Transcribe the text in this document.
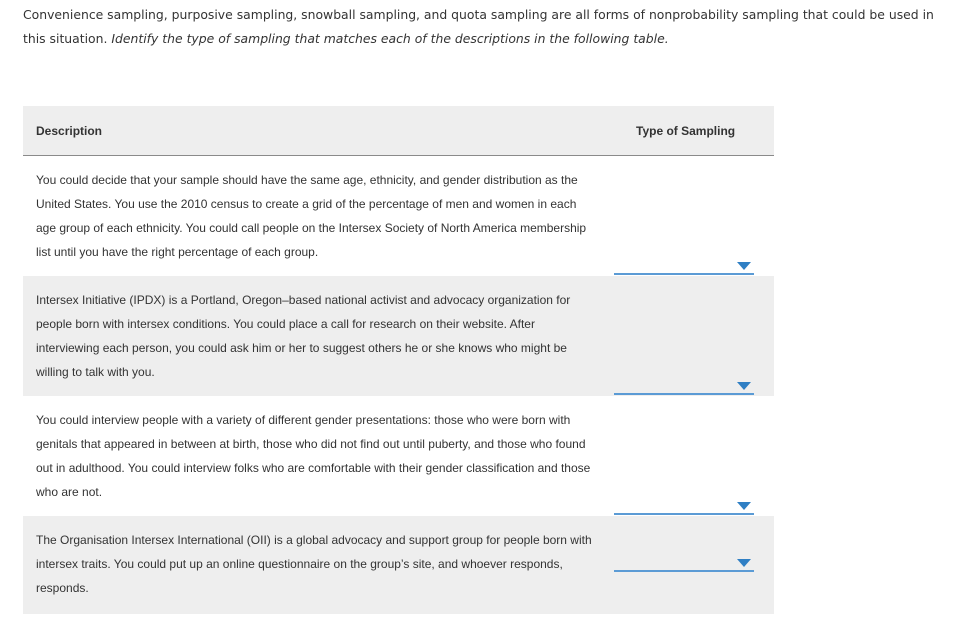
Convenience sampling, purposive sampling, snowball sampling, and quota sampling are all forms of nonprobability sampling that could be used in this situation. Identify the type of sampling that matches each of the descriptions in the following table.
Description	Type of Sampling
You could decide that your sample should have the same age, ethnicity, and gender distribution as the United States. You use the 2010 census to create a grid of the percentage of men and women in each age group of each ethnicity. You could call people on the Intersex Society of North America membership list until you have the right percentage of each group.
Intersex Initiative (IPDX) is a Portland, Oregon–based national activist and advocacy organization for people born with intersex conditions. You could place a call for research on their website. After interviewing each person, you could ask him or her to suggest others he or she knows who might be willing to talk with you.
You could interview people with a variety of different gender presentations: those who were born with genitals that appeared in between at birth, those who did not find out until puberty, and those who found out in adulthood. You could interview folks who are comfortable with their gender classification and those who are not.
The Organisation Intersex International (OII) is a global advocacy and support group for people born with intersex traits. You could put up an online questionnaire on the group’s site, and whoever responds, responds.
